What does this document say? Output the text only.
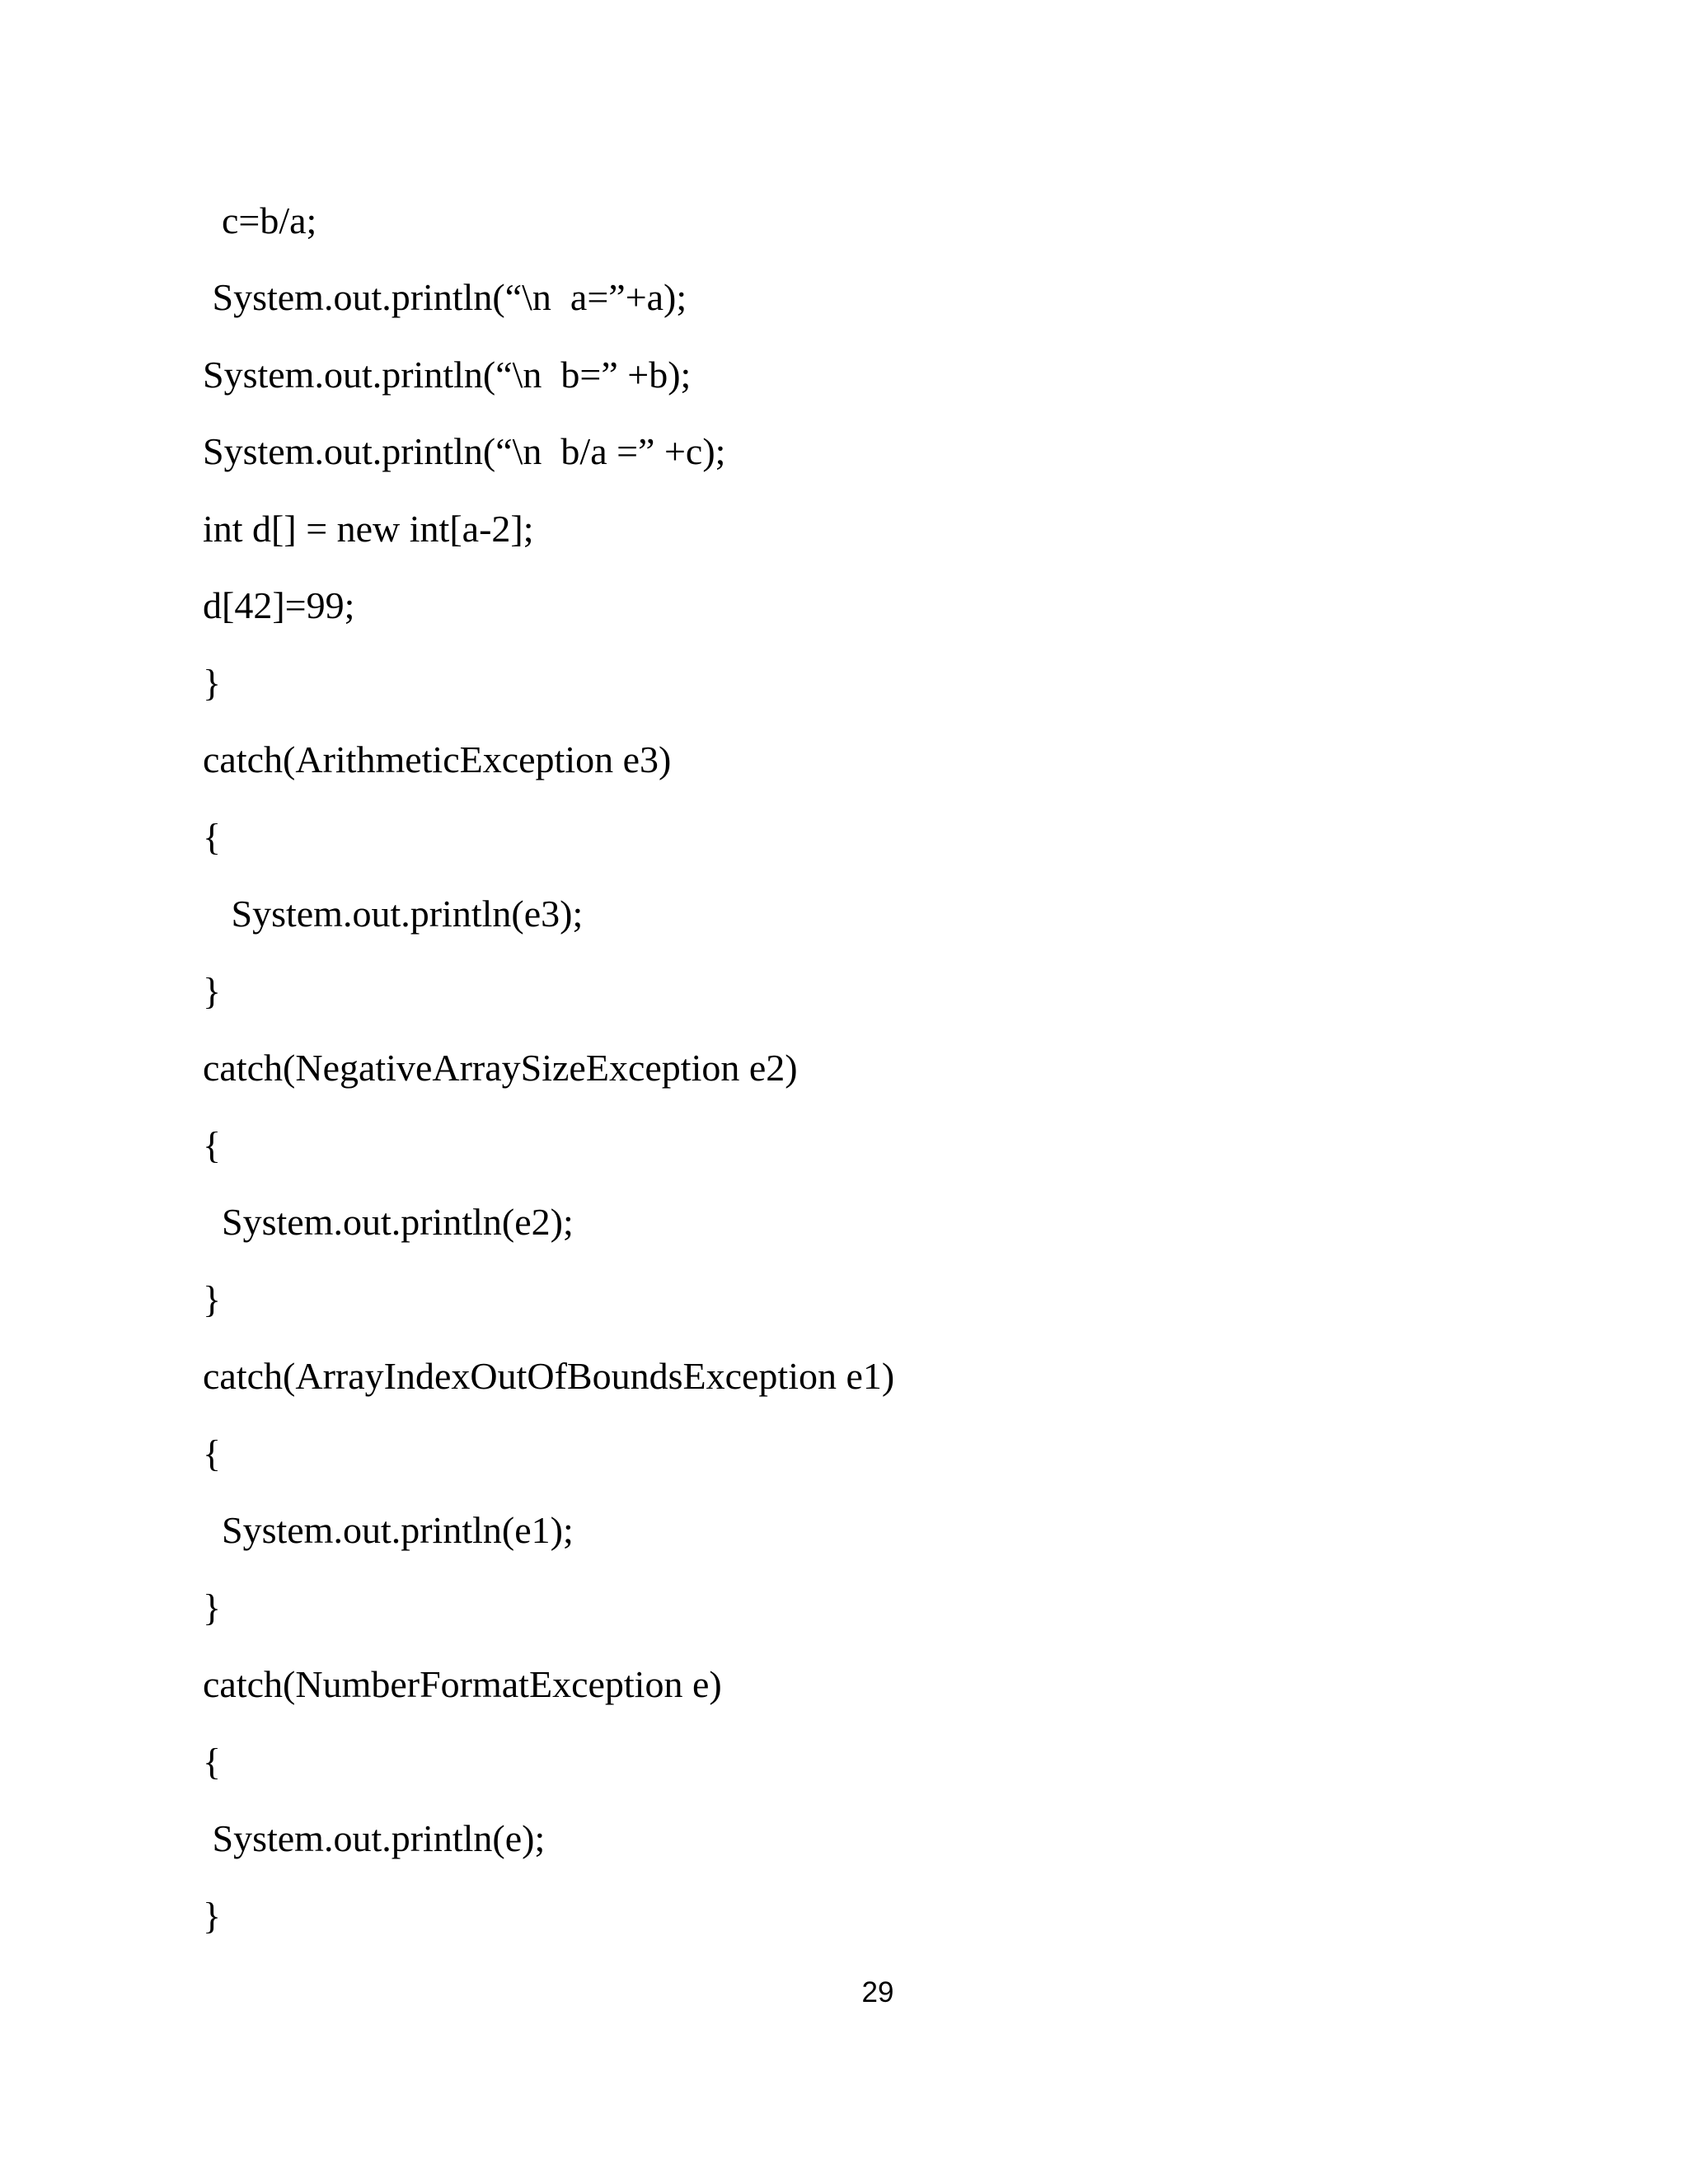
c=b/a;
System.out.println(“\n  a=”+a);
System.out.println(“\n  b=” +b);
System.out.println(“\n  b/a =” +c);
int d[] = new int[a-2];
d[42]=99;
}
catch(ArithmeticException e3)
{
System.out.println(e3);
}
catch(NegativeArraySizeException e2)
{
System.out.println(e2);
}
catch(ArrayIndexOutOfBoundsException e1)
{
System.out.println(e1);
}
catch(NumberFormatException e)
{
System.out.println(e);
}
29
